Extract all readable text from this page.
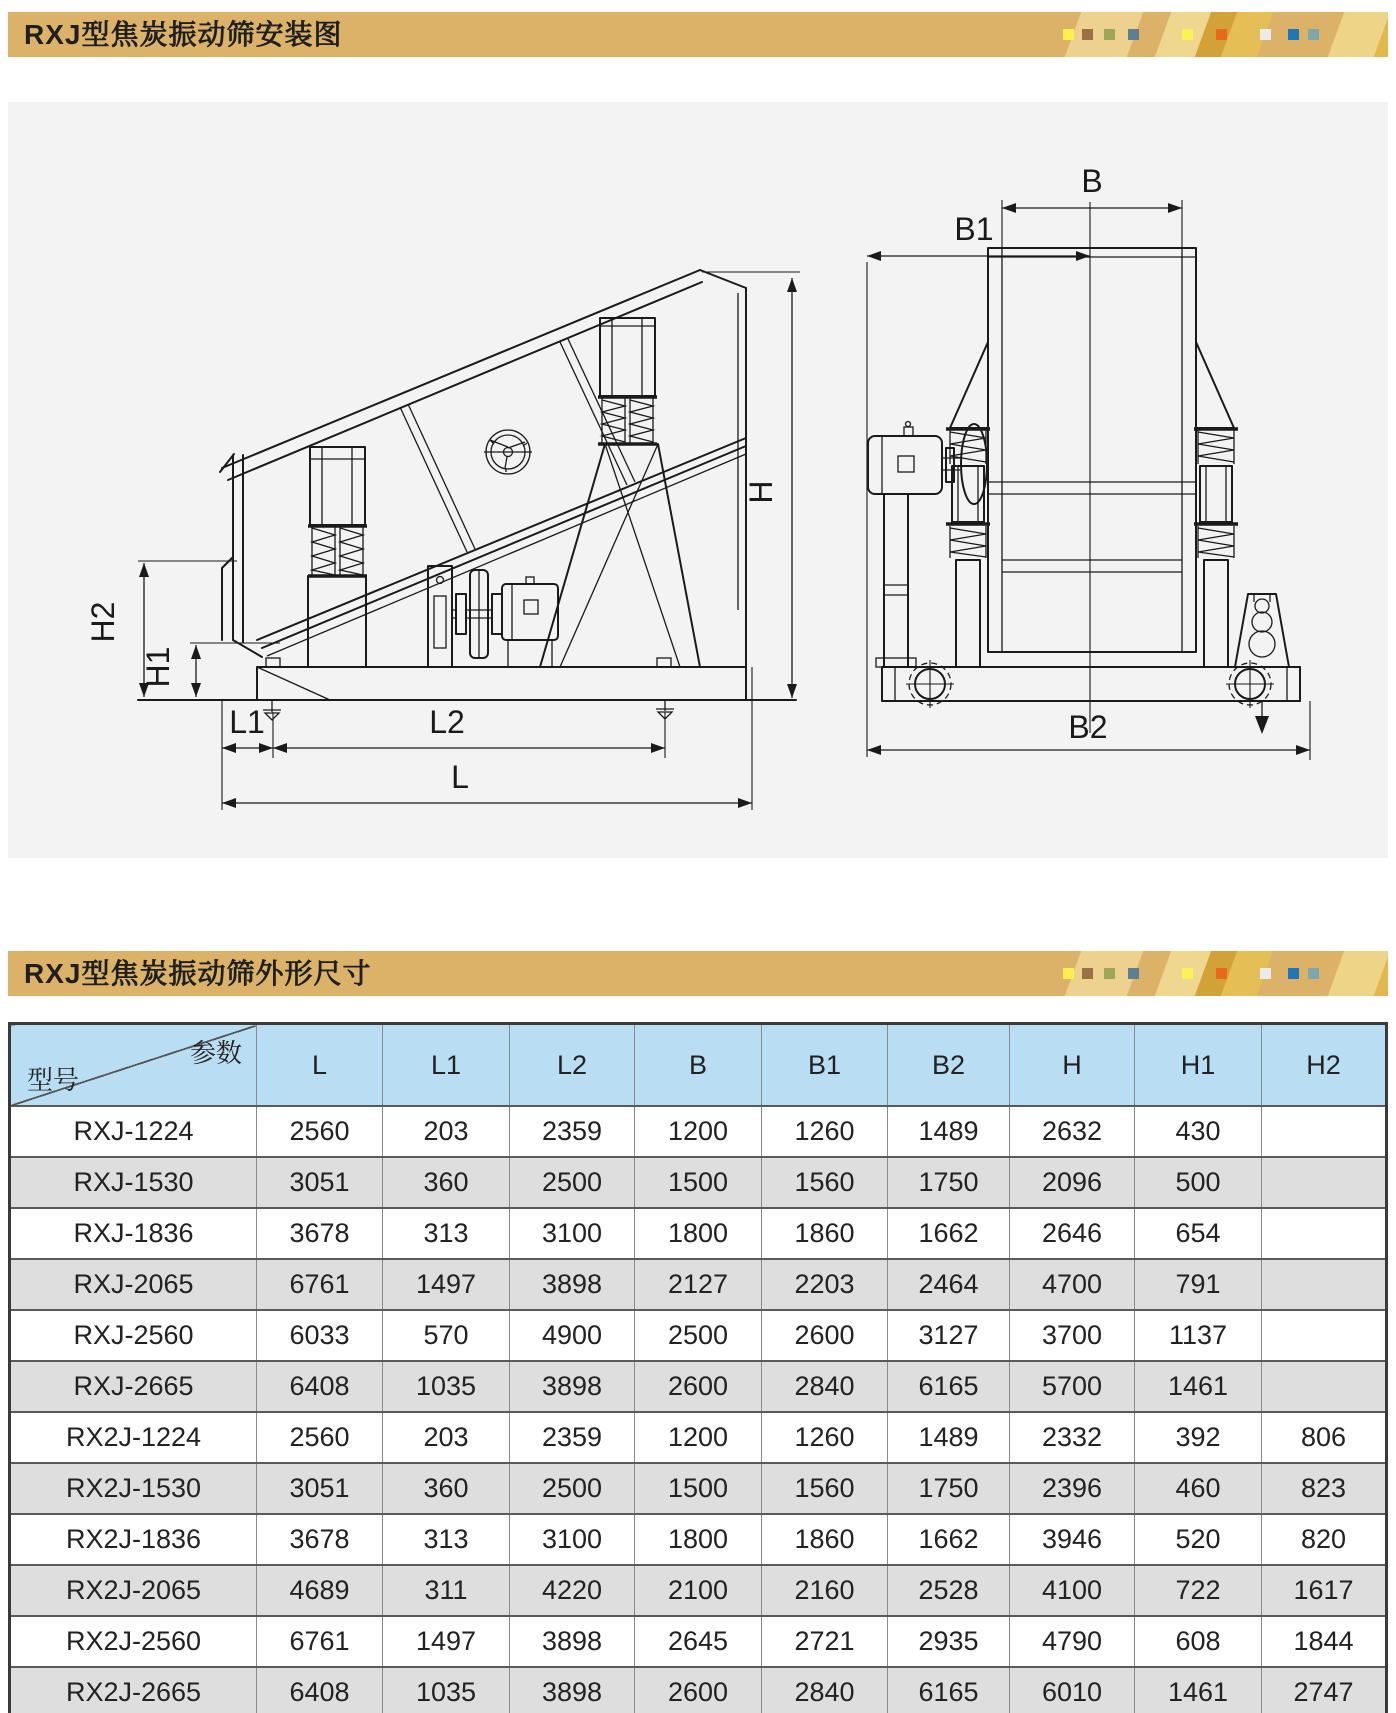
RXJ型焦炭振动筛安装图
H2
H1
H
L1	L2
L
B
B1
B2
RXJ型焦炭振动筛外形尺寸
参数
型号	L	L1	L2	B	B1	B2	H	H1	H2
RXJ-1224	2560	203	2359	1200	1260	1489	2632	430	
RXJ-1530	3051	360	2500	1500	1560	1750	2096	500	
RXJ-1836	3678	313	3100	1800	1860	1662	2646	654	
RXJ-2065	6761	1497	3898	2127	2203	2464	4700	791	
RXJ-2560	6033	570	4900	2500	2600	3127	3700	1137	
RXJ-2665	6408	1035	3898	2600	2840	6165	5700	1461	
RX2J-1224	2560	203	2359	1200	1260	1489	2332	392	806
RX2J-1530	3051	360	2500	1500	1560	1750	2396	460	823
RX2J-1836	3678	313	3100	1800	1860	1662	3946	520	820
RX2J-2065	4689	311	4220	2100	2160	2528	4100	722	1617
RX2J-2560	6761	1497	3898	2645	2721	2935	4790	608	1844
RX2J-2665	6408	1035	3898	2600	2840	6165	6010	1461	2747
